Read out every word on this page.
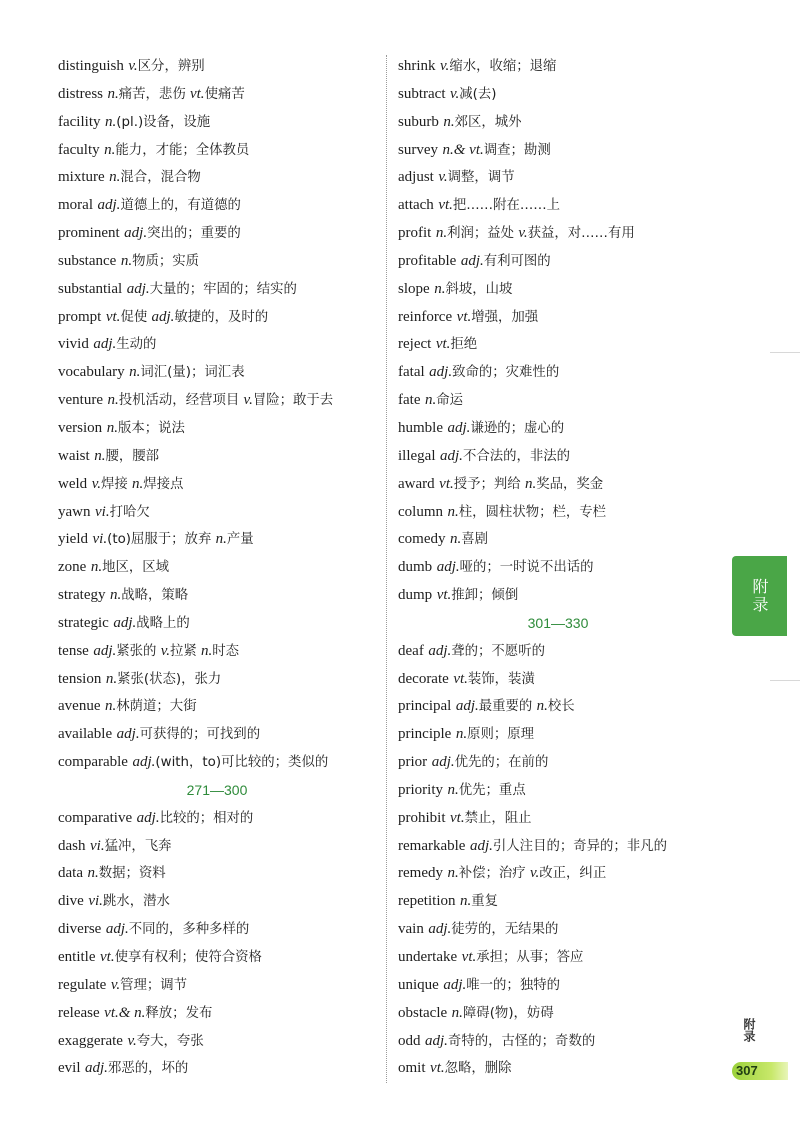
distinguish v.区分，辨别
distress n.痛苦，悲伤 vt.使痛苦
facility n.(pl.)设备，设施
faculty n.能力，才能；全体教员
mixture n.混合，混合物
moral adj.道德上的，有道德的
prominent adj.突出的；重要的
substance n.物质；实质
substantial adj.大量的；牢固的；结实的
prompt vt.促使 adj.敏捷的，及时的
vivid adj.生动的
vocabulary n.词汇(量)；词汇表
venture n.投机活动，经营项目 v.冒险；敢于去
version n.版本；说法
waist n.腰，腰部
weld v.焊接 n.焊接点
yawn vi.打哈欠
yield vi.(to)屈服于；放弃 n.产量
zone n.地区，区域
strategy n.战略，策略
strategic adj.战略上的
tense adj.紧张的 v.拉紧 n.时态
tension n.紧张(状态)，张力
avenue n.林荫道；大街
available adj.可获得的；可找到的
comparable adj.(with，to)可比较的；类似的
271—300
comparative adj.比较的；相对的
dash vi.猛冲，飞奔
data n.数据；资料
dive vi.跳水，潜水
diverse adj.不同的，多种多样的
entitle vt.使享有权利；使符合资格
regulate v.管理；调节
release vt.& n.释放；发布
exaggerate v.夸大，夸张
evil adj.邪恶的，坏的
shrink v.缩水，收缩；退缩
subtract v.减(去)
suburb n.郊区，城外
survey n.& vt.调查；勘测
adjust v.调整，调节
attach vt.把……附在……上
profit n.利润；益处 v.获益，对……有用
profitable adj.有利可图的
slope n.斜坡，山坡
reinforce vt.增强，加强
reject vt.拒绝
fatal adj.致命的；灾难性的
fate n.命运
humble adj.谦逊的；虚心的
illegal adj.不合法的，非法的
award vt.授予；判给 n.奖品，奖金
column n.柱，圆柱状物；栏，专栏
comedy n.喜剧
dumb adj.哑的；一时说不出话的
dump vt.推卸；倾倒
301—330
deaf adj.聋的；不愿听的
decorate vt.装饰，装潢
principal adj.最重要的 n.校长
principle n.原则；原理
prior adj.优先的；在前的
priority n.优先；重点
prohibit vt.禁止，阻止
remarkable adj.引人注目的；奇异的；非凡的
remedy n.补偿；治疗 v.改正，纠正
repetition n.重复
vain adj.徒劳的，无结果的
undertake vt.承担；从事；答应
unique adj.唯一的；独特的
obstacle n.障碍(物)，妨碍
odd adj.奇特的，古怪的；奇数的
omit vt.忽略，删除
附录
附录
307
